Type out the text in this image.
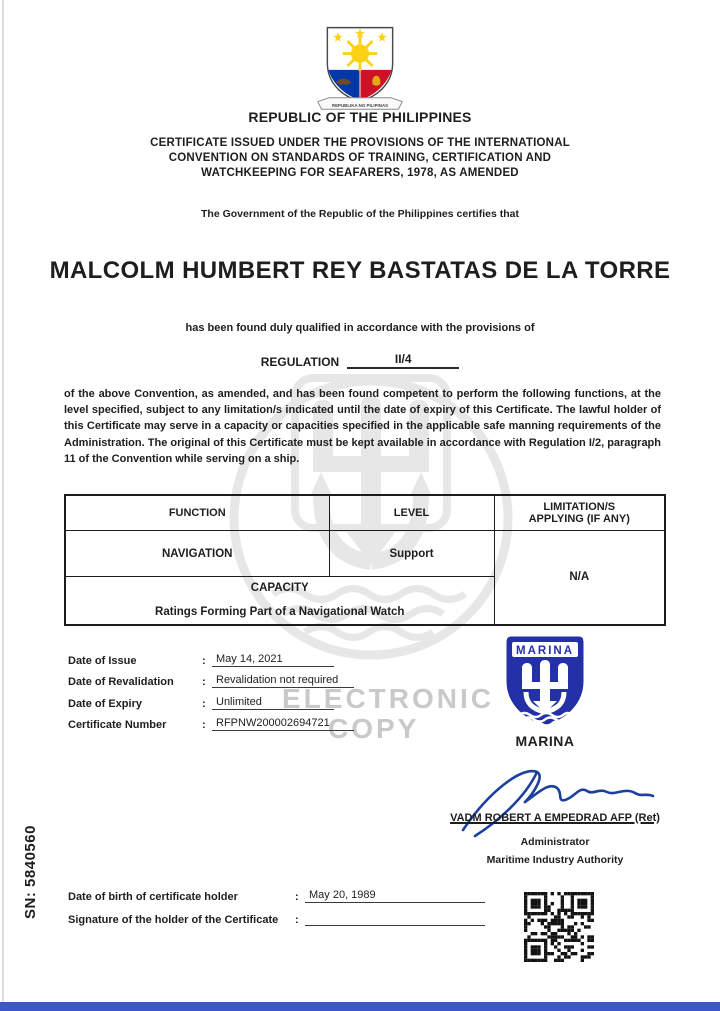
ELECTRONIC
COPY
REPUBLIKA NG PILIPINAS
REPUBLIC OF THE PHILIPPINES
CERTIFICATE ISSUED UNDER THE PROVISIONS OF THE INTERNATIONAL
CONVENTION ON STANDARDS OF TRAINING, CERTIFICATION AND
WATCHKEEPING FOR SEAFARERS, 1978, AS AMENDED
The Government of the Republic of the Philippines certifies that
MALCOLM HUMBERT REY BASTATAS DE LA TORRE
has been found duly qualified in accordance with the provisions of
REGULATION	II/4
of the above Convention, as amended, and has been found competent to perform the following functions, at the level specified, subject to any limitation/s indicated until the date of expiry of this Certificate. The lawful holder of this Certificate may serve in a capacity or capacities specified in the applicable safe manning requirements of the Administration. The original of this Certificate must be kept available in accordance with Regulation I/2, paragraph 11 of the Convention while serving on a ship.
FUNCTION	LEVEL	LIMITATION/S
APPLYING (IF ANY)

NAVIGATION	Support	N/A

CAPACITY
Ratings Forming Part of a Navigational Watch		
Date of Issue	: May 14, 2021
Date of Revalidation	: Revalidation not required
Date of Expiry	: Unlimited
Certificate Number	: RFPNW200002694721
MARINA
MARINA
VADM ROBERT A EMPEDRAD AFP (Ret)
Administrator
Maritime Industry Authority
SN: 5840560	Date of birth of certificate holder	: May 20, 1989
Signature of the holder of the Certificate	:
